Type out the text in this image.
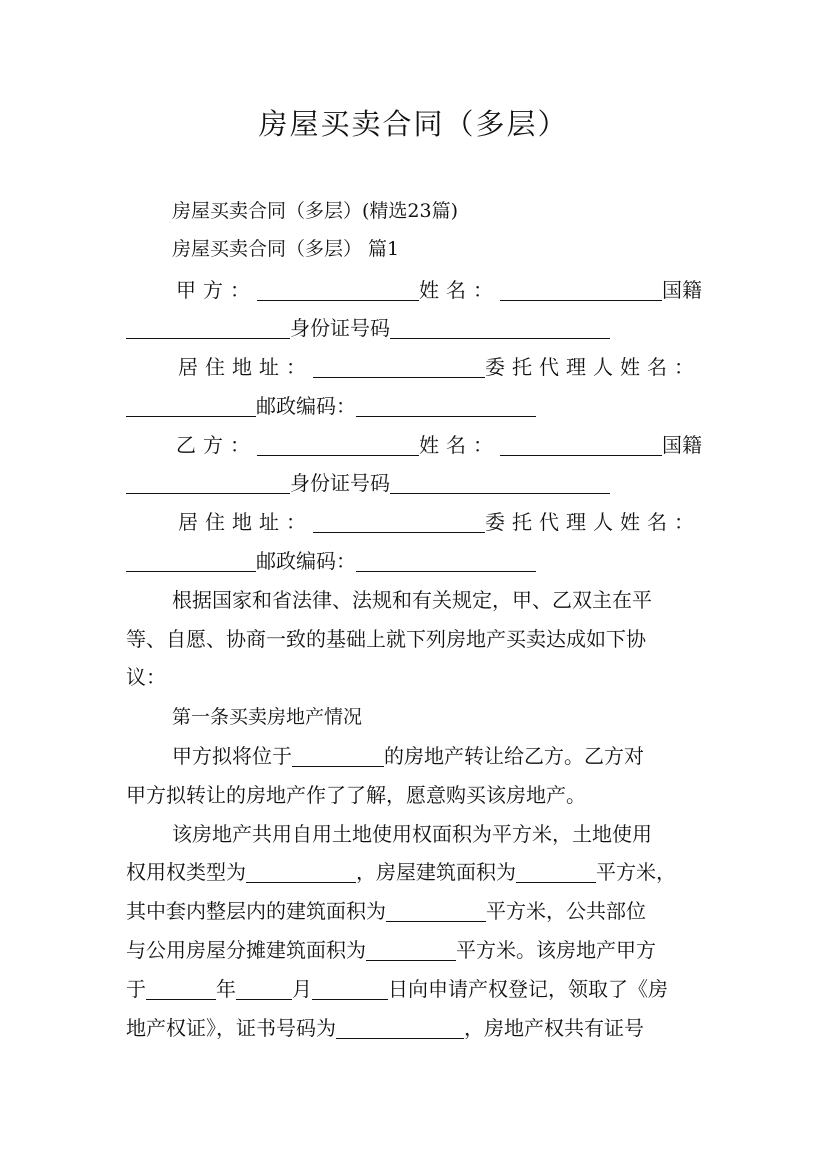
房屋买卖合同（多层）
房屋买卖合同（多层）(精选23篇)
房屋买卖合同（多层） 篇1
甲方：	姓名：	国籍
身份证号码
居住地址：	委托代理人姓名：
邮政编码：
乙方：	姓名：	国籍
身份证号码
居住地址：	委托代理人姓名：
邮政编码：
根据国家和省法律、法规和有关规定，甲、乙双主在平
等、自愿、协商一致的基础上就下列房地产买卖达成如下协
议：
第一条买卖房地产情况
甲方拟将位于	的房地产转让给乙方。乙方对
甲方拟转让的房地产作了了解，愿意购买该房地产。
该房地产共用自用土地使用权面积为平方米，土地使用
权用权类型为	，房屋建筑面积为	平方米，
其中套内整层内的建筑面积为	平方米，公共部位
与公用房屋分摊建筑面积为	平方米。该房地产甲方
于	年	月	日向申请产权登记，领取了《房
地产权证》，证书号码为	，房地产权共有证号
